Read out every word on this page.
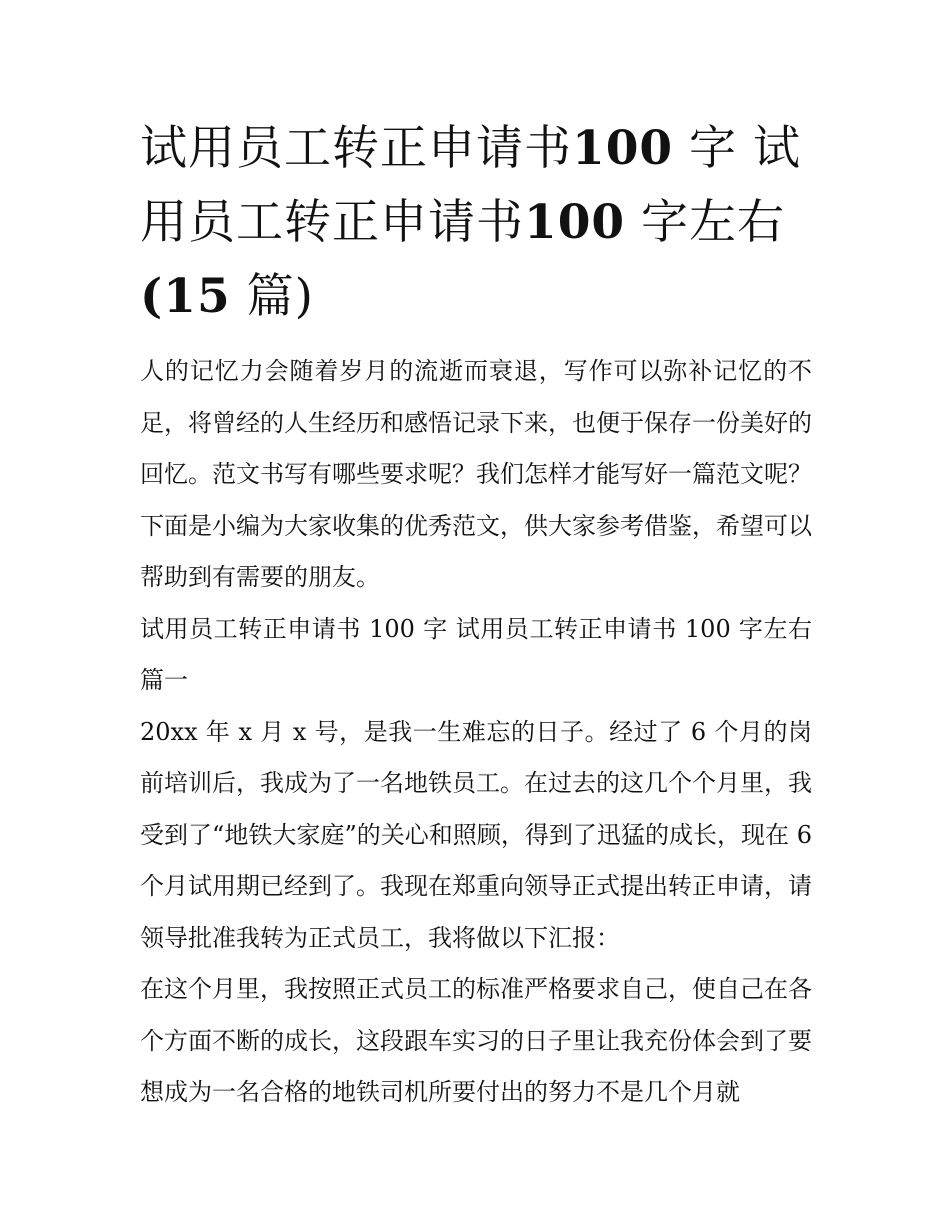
试用员工转正申请书100 字 试用员工转正申请书100 字左右
(15 篇)

人的记忆力会随着岁月的流逝而衰退，写作可以弥补记忆的不足，将曾经的人生经历和感悟记录下来，也便于保存一份美好的回忆。范文书写有哪些要求呢？我们怎样才能写好一篇范文呢？下面是小编为大家收集的优秀范文，供大家参考借鉴，希望可以帮助到有需要的朋友。

试用员工转正申请书 100 字 试用员工转正申请书 100 字左右篇一

20xx 年 x 月 x 号，是我一生难忘的日子。经过了 6 个月的岗前培训后，我成为了一名地铁员工。在过去的这几个个月里，我受到了“地铁大家庭”的关心和照顾，得到了迅猛的成长，现在 6 个月试用期已经到了。我现在郑重向领导正式提出转正申请，请领导批准我转为正式员工，我将做以下汇报：

在这个月里，我按照正式员工的标准严格要求自己，使自己在各个方面不断的成长，这段跟车实习的日子里让我充份体会到了要想成为一名合格的地铁司机所要付出的努力不是几个月就
